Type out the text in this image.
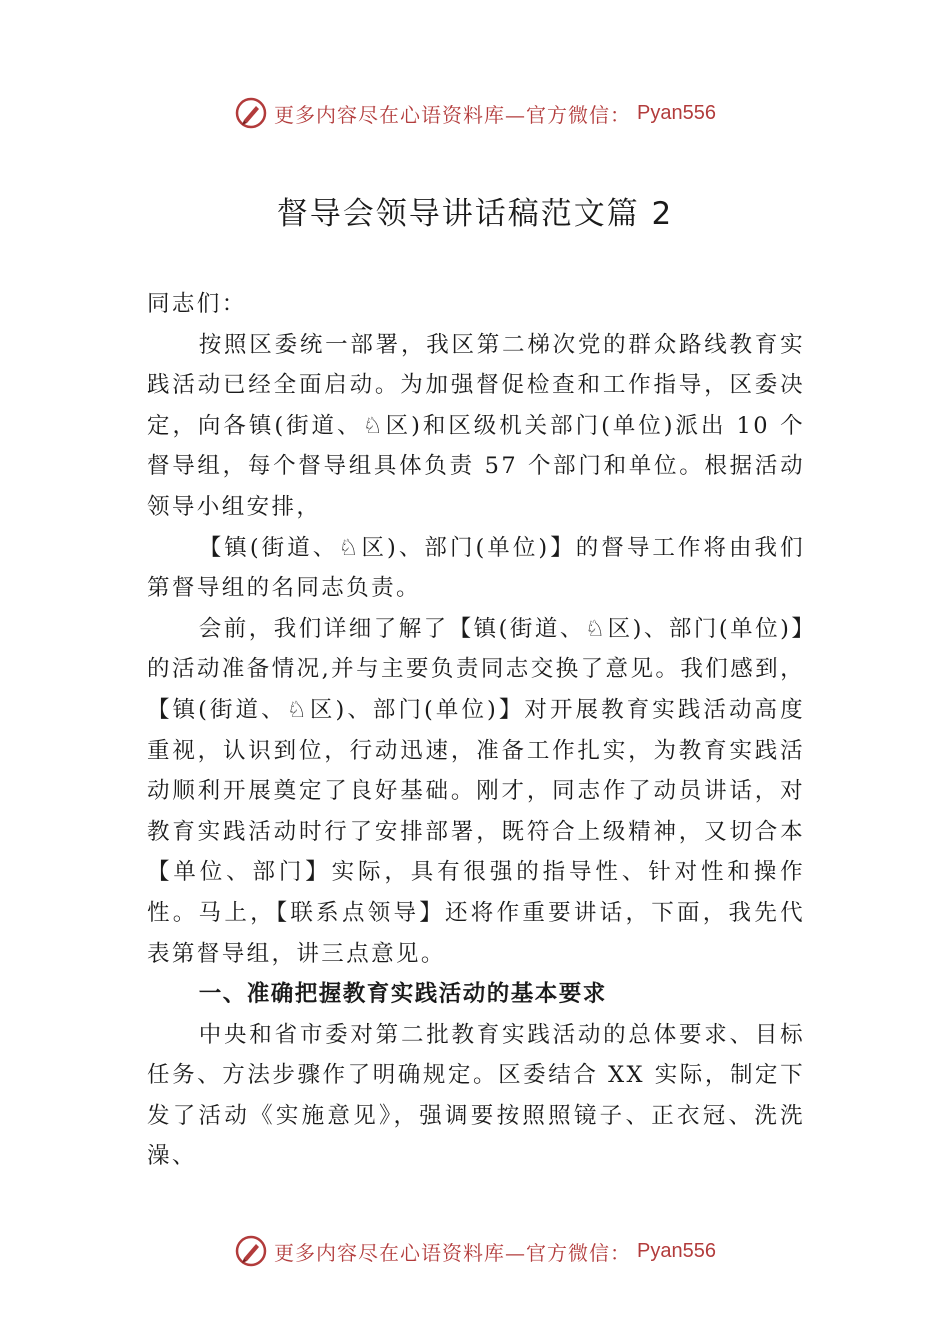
更多内容尽在心语资料库—官方微信： Pyan556
督导会领导讲话稿范文篇 2

同志们：

按照区委统一部署，我区第二梯次党的群众路线教育实践活动已经全面启动。为加强督促检查和工作指导，区委决定，向各镇(街道、♘区)和区级机关部门(单位)派出 10 个督导组，每个督导组具体负责 57 个部门和单位。根据活动领导小组安排，

【镇(街道、♘区)、部门(单位)】的督导工作将由我们第督导组的名同志负责。

会前，我们详细了解了【镇(街道、♘区)、部门(单位)】的活动准备情况,并与主要负责同志交换了意见。我们感到，【镇(街道、♘区)、部门(单位)】对开展教育实践活动高度重视，认识到位，行动迅速，准备工作扎实，为教育实践活动顺利开展奠定了良好基础。刚才，同志作了动员讲话，对教育实践活动时行了安排部署，既符合上级精神，又切合本【单位、部门】实际，具有很强的指导性、针对性和操作性。马上，【联系点领导】还将作重要讲话，下面，我先代表第督导组，讲三点意见。

一、准确把握教育实践活动的基本要求

中央和省市委对第二批教育实践活动的总体要求、目标任务、方法步骤作了明确规定。区委结合 XX 实际，制定下发了活动《实施意见》，强调要按照照镜子、正衣冠、洗洗澡、

更多内容尽在心语资料库—官方微信： Pyan556
